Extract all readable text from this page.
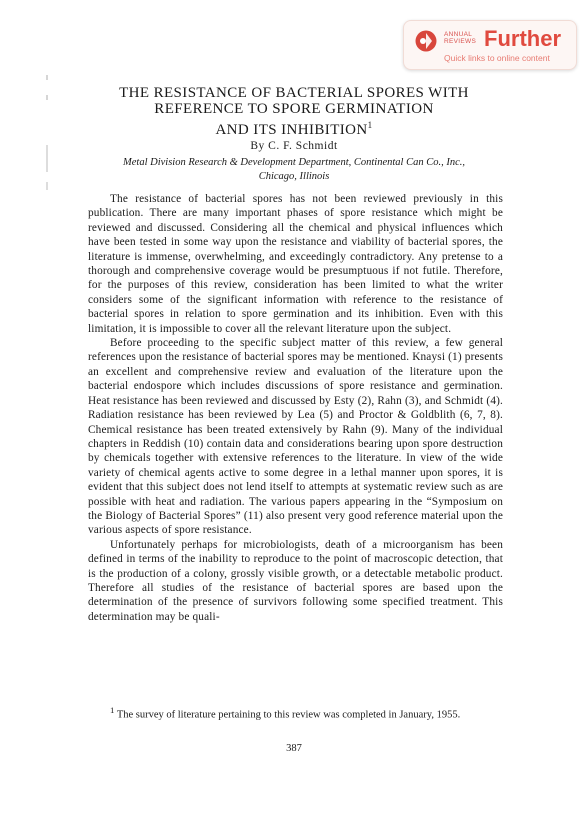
ANNUAL
REVIEWS Further
Quick links to online content
THE RESISTANCE OF BACTERIAL SPORES WITH
REFERENCE TO SPORE GERMINATION
AND ITS INHIBITION$^1$
By C. F. Schmidt
Metal Division Research & Development Department, Continental Can Co., Inc.,
Chicago, Illinois

The resistance of bacterial spores has not been reviewed previously in this publication. There are many important phases of spore resistance which might be reviewed and discussed. Considering all the chemical and physical influences which have been tested in some way upon the resistance and viability of bacterial spores, the literature is immense, overwhelming, and exceedingly contradictory. Any pretense to a thorough and comprehensive coverage would be presumptuous if not futile. Therefore, for the purposes of this review, consideration has been limited to what the writer considers some of the significant information with reference to the resistance of bacterial spores in relation to spore germination and its inhibition. Even with this limitation, it is impossible to cover all the relevant literature upon the subject.

Before proceeding to the specific subject matter of this review, a few general references upon the resistance of bacterial spores may be mentioned. Knaysi (1) presents an excellent and comprehensive review and evaluation of the literature upon the bacterial endospore which includes discussions of spore resistance and germination. Heat resistance has been reviewed and discussed by Esty (2), Rahn (3), and Schmidt (4). Radiation resistance has been reviewed by Lea (5) and Proctor & Goldblith (6, 7, 8). Chemical resistance has been treated extensively by Rahn (9). Many of the individual chapters in Reddish (10) contain data and considerations bearing upon spore destruction by chemicals together with extensive references to the literature. In view of the wide variety of chemical agents active to some degree in a lethal manner upon spores, it is evident that this subject does not lend itself to attempts at systematic review such as are possible with heat and radiation. The various papers appearing in the “Symposium on the Biology of Bacterial Spores” (11) also present very good reference material upon the various aspects of spore resistance.

Unfortunately perhaps for microbiologists, death of a microorganism has been defined in terms of the inability to reproduce to the point of macroscopic detection, that is the production of a colony, grossly visible growth, or a detectable metabolic product. Therefore all studies of the resistance of bacterial spores are based upon the determination of the presence of survivors following some specified treatment. This determination may be quali-

$^1$ The survey of literature pertaining to this review was completed in January, 1955.

387
